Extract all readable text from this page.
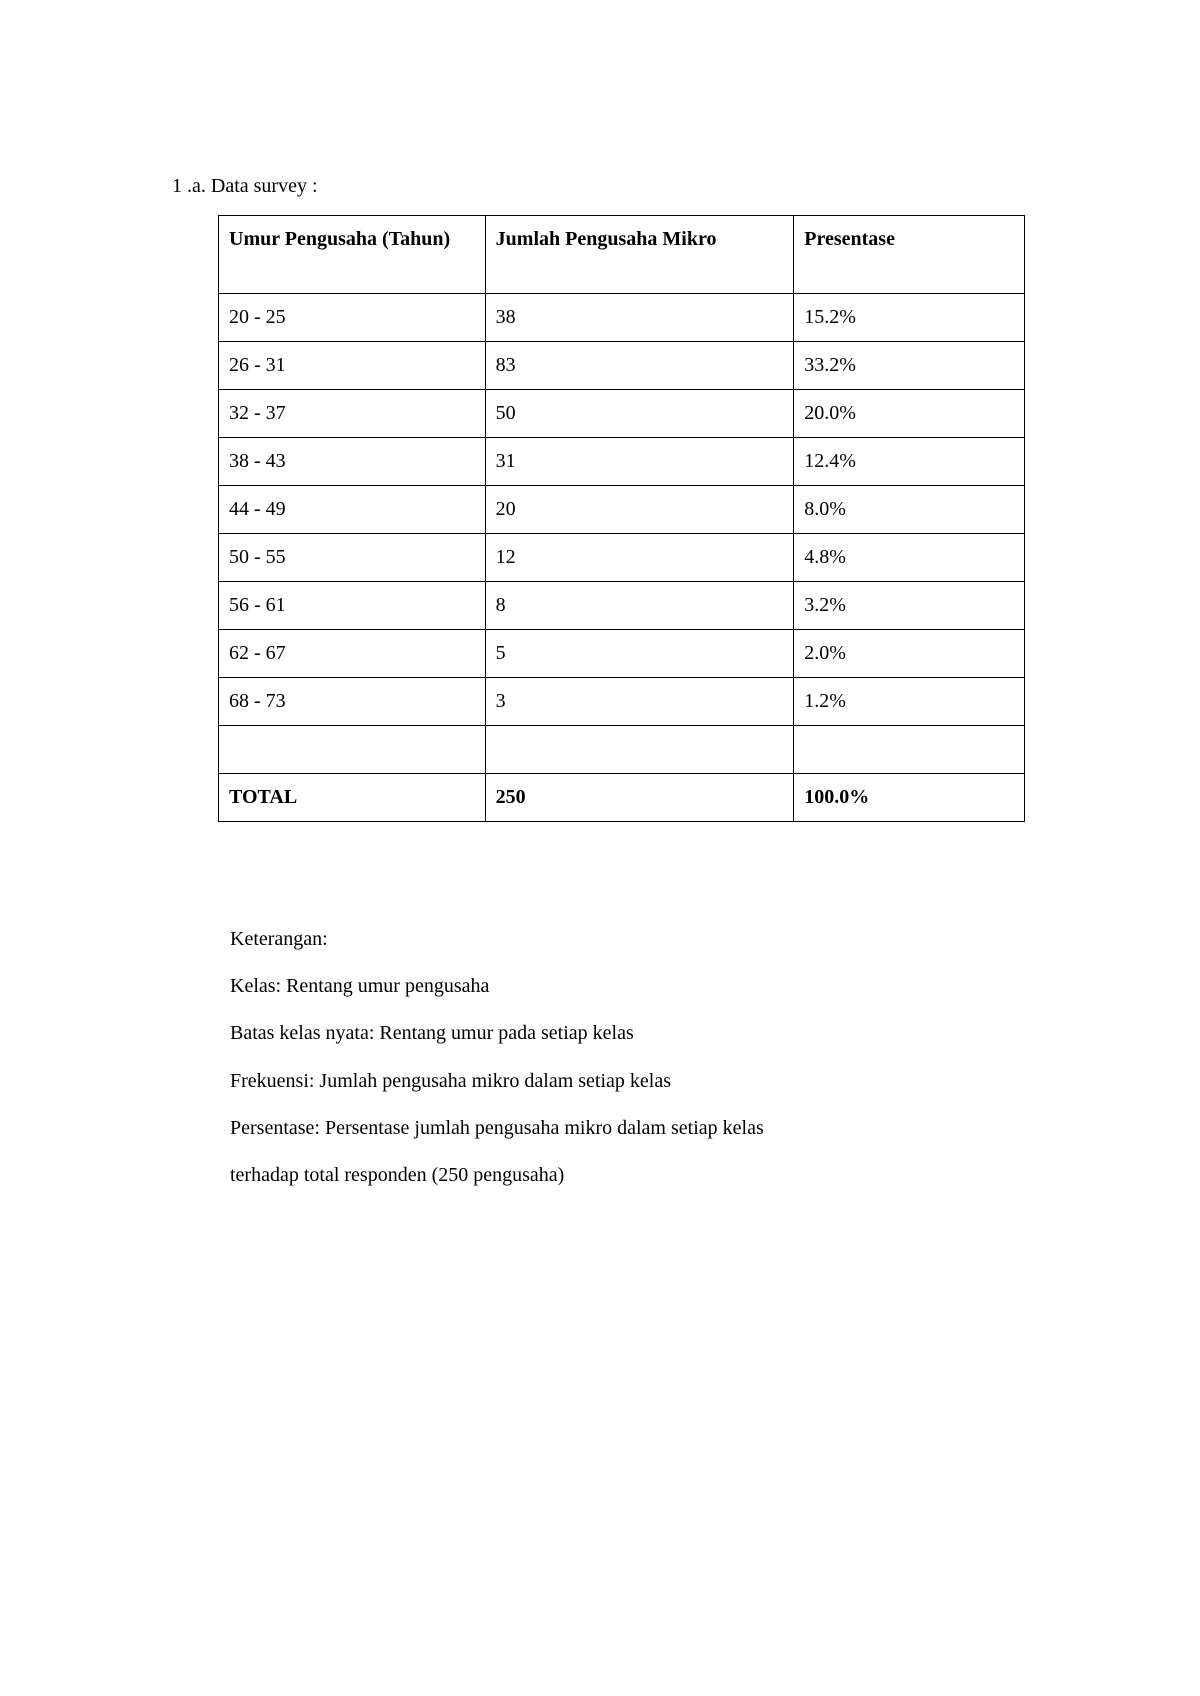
1 .a. Data survey :
Umur Pengusaha (Tahun)	Jumlah Pengusaha Mikro	Presentase
20 - 25	38	15.2%
26 - 31	83	33.2%
32 - 37	50	20.0%
38 - 43	31	12.4%
44 - 49	20	8.0%
50 - 55	12	4.8%
56 - 61	8	3.2%
62 - 67	5	2.0%
68 - 73	3	1.2%

TOTAL	250	100.0%
Keterangan:
Kelas: Rentang umur pengusaha
Batas kelas nyata: Rentang umur pada setiap kelas
Frekuensi: Jumlah pengusaha mikro dalam setiap kelas
Persentase: Persentase jumlah pengusaha mikro dalam setiap kelas
terhadap total responden (250 pengusaha)
